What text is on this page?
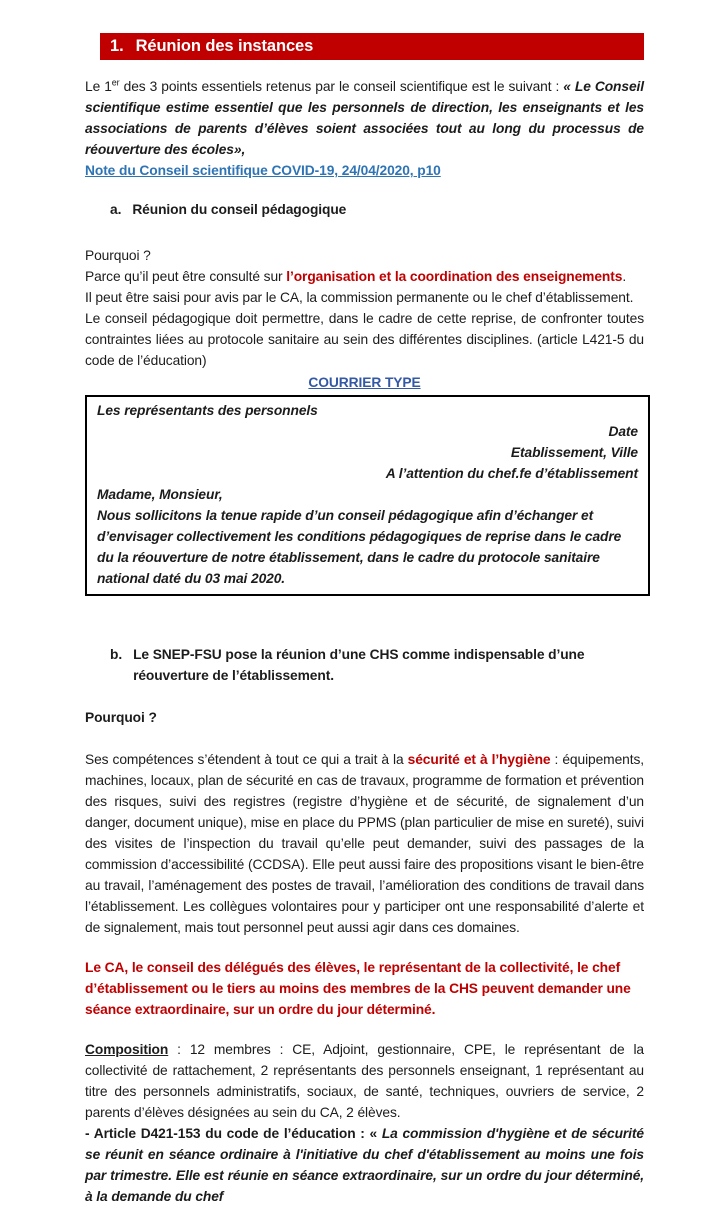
1. Réunion des instances

Le 1er des 3 points essentiels retenus par le conseil scientifique est le suivant : « Le Conseil scientifique estime essentiel que les personnels de direction, les enseignants et les associations de parents d’élèves soient associées tout au long du processus de réouverture des écoles»,

Note du Conseil scientifique COVID-19, 24/04/2020, p10
a. Réunion du conseil pédagogique

Pourquoi ?

Parce qu’il peut être consulté sur l’organisation et la coordination des enseignements.

Il peut être saisi pour avis par le CA, la commission permanente ou le chef d’établissement.

Le conseil pédagogique doit permettre, dans le cadre de cette reprise, de confronter toutes contraintes liées au protocole sanitaire au sein des différentes disciplines. (article L421-5 du code de l’éducation)

COURRIER TYPE
Les représentants des personnels
Date
Etablissement, Ville
A l’attention du chef.fe d’établissement
Madame, Monsieur,
Nous sollicitons la tenue rapide d’un conseil pédagogique afin d’échanger et d’envisager collectivement les conditions pédagogiques de reprise dans le cadre du la réouverture de notre établissement, dans le cadre du protocole sanitaire national daté du 03 mai 2020.
b. Le SNEP-FSU pose la réunion d’une CHS comme indispensable d’une réouverture de l’établissement.

Pourquoi ?

Ses compétences s’étendent à tout ce qui a trait à la sécurité et à l’hygiène : équipements, machines, locaux, plan de sécurité en cas de travaux, programme de formation et prévention des risques, suivi des registres (registre d’hygiène et de sécurité, de signalement d’un danger, document unique), mise en place du PPMS (plan particulier de mise en sureté), suivi des visites de l’inspection du travail qu’elle peut demander, suivi des passages de la commission d’accessibilité (CCDSA). Elle peut aussi faire des propositions visant le bien-être au travail, l’aménagement des postes de travail, l’amélioration des conditions de travail dans l’établissement. Les collègues volontaires pour y participer ont une responsabilité d’alerte et de signalement, mais tout personnel peut aussi agir dans ces domaines.

Le CA, le conseil des délégués des élèves, le représentant de la collectivité, le chef d’établissement ou le tiers au moins des membres de la CHS peuvent demander une séance extraordinaire, sur un ordre du jour déterminé.

Composition : 12 membres : CE, Adjoint, gestionnaire, CPE, le représentant de la collectivité de rattachement, 2 représentants des personnels enseignant, 1 représentant au titre des personnels administratifs, sociaux, de santé, techniques, ouvriers de service, 2 parents d’élèves désignées au sein du CA, 2 élèves.

- Article D421-153 du code de l’éducation : « La commission d'hygiène et de sécurité se réunit en séance ordinaire à l'initiative du chef d'établissement au moins une fois par trimestre. Elle est réunie en séance extraordinaire, sur un ordre du jour déterminé, à la demande du chef
